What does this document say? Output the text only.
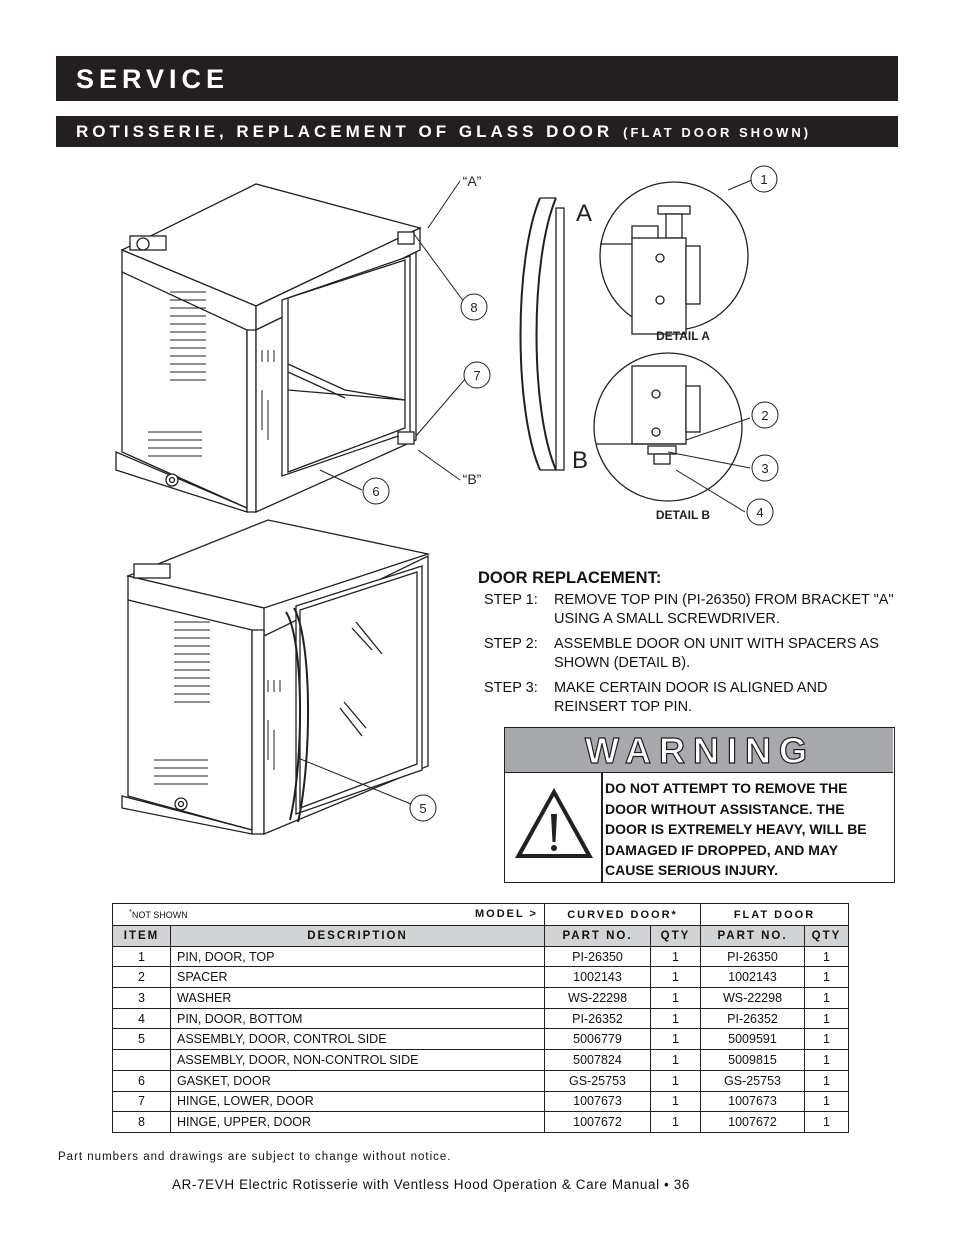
SERVICE
ROTISSERIE, REPLACEMENT OF GLASS DOOR (FLAT DOOR SHOWN)
1
2
3
4
5
6
7
8
“A”
“B”
A
B
DETAIL A
DETAIL B
DOOR REPLACEMENT:
STEP 1:	REMOVE TOP PIN (PI-26350) FROM BRACKET "A" USING A SMALL SCREWDRIVER.
STEP 2:	ASSEMBLE DOOR ON UNIT WITH SPACERS AS SHOWN (DETAIL B).
STEP 3:	MAKE CERTAIN DOOR IS ALIGNED AND REINSERT TOP PIN.
WARNING
DO NOT ATTEMPT TO REMOVE THE DOOR WITHOUT ASSISTANCE. THE DOOR IS EXTREMELY HEAVY, WILL BE DAMAGED IF DROPPED, AND MAY CAUSE SERIOUS INJURY.
*NOT SHOWN MODEL >		CURVED DOOR*		FLAT DOOR	
ITEM	DESCRIPTION	PART NO.	QTY	PART NO.	QTY
1	PIN, DOOR, TOP	PI-26350	1	PI-26350	1
2	SPACER	1002143	1	1002143	1
3	WASHER	WS-22298	1	WS-22298	1
4	PIN, DOOR, BOTTOM	PI-26352	1	PI-26352	1
5	ASSEMBLY, DOOR, CONTROL SIDE	5006779	1	5009591	1
	ASSEMBLY, DOOR, NON-CONTROL SIDE	5007824	1	5009815	1
6	GASKET, DOOR	GS-25753	1	GS-25753	1
7	HINGE, LOWER, DOOR	1007673	1	1007673	1
8	HINGE, UPPER, DOOR	1007672	1	1007672	1
Part numbers and drawings are subject to change without notice.
AR-7EVH Electric Rotisserie with Ventless Hood Operation & Care Manual • 36
